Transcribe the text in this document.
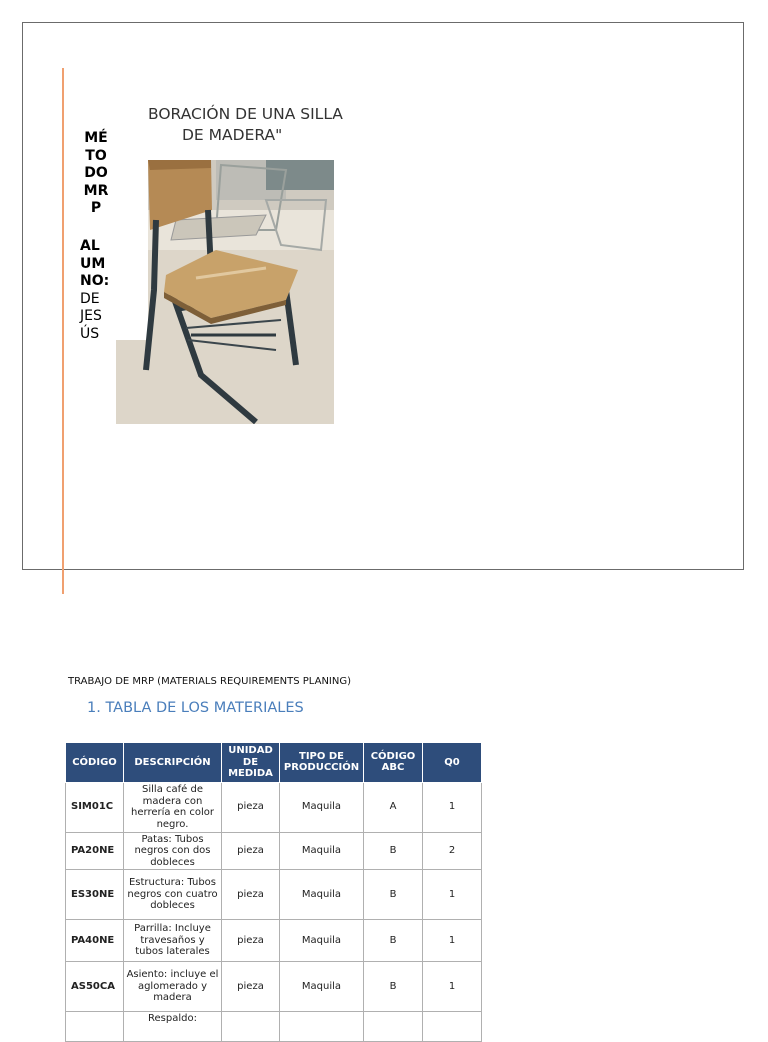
BORACIÓN DE UNA SILLA
DE MADERA"
MÉ
TO
DO
MR
P
AL
UM
NO:
DE
JES
ÚS
TRABAJO DE MRP (MATERIALS REQUIREMENTS PLANING)
1. TABLA DE LOS MATERIALES
CÓDIGO	DESCRIPCIÓN	UNIDAD DE MEDIDA	TIPO DE PRODUCCIÓN	CÓDIGO ABC	Q0
SIM01C	Silla café de madera con herrería en color negro.	pieza	Maquila	A	1
PA20NE	Patas: Tubos negros con dos dobleces	pieza	Maquila	B	2
ES30NE	Estructura: Tubos negros con cuatro dobleces	pieza	Maquila	B	1
PA40NE	Parrilla: Incluye travesaños y tubos laterales	pieza	Maquila	B	1
AS50CA	Asiento: incluye el aglomerado y madera	pieza	Maquila	B	1
	Respaldo:				
